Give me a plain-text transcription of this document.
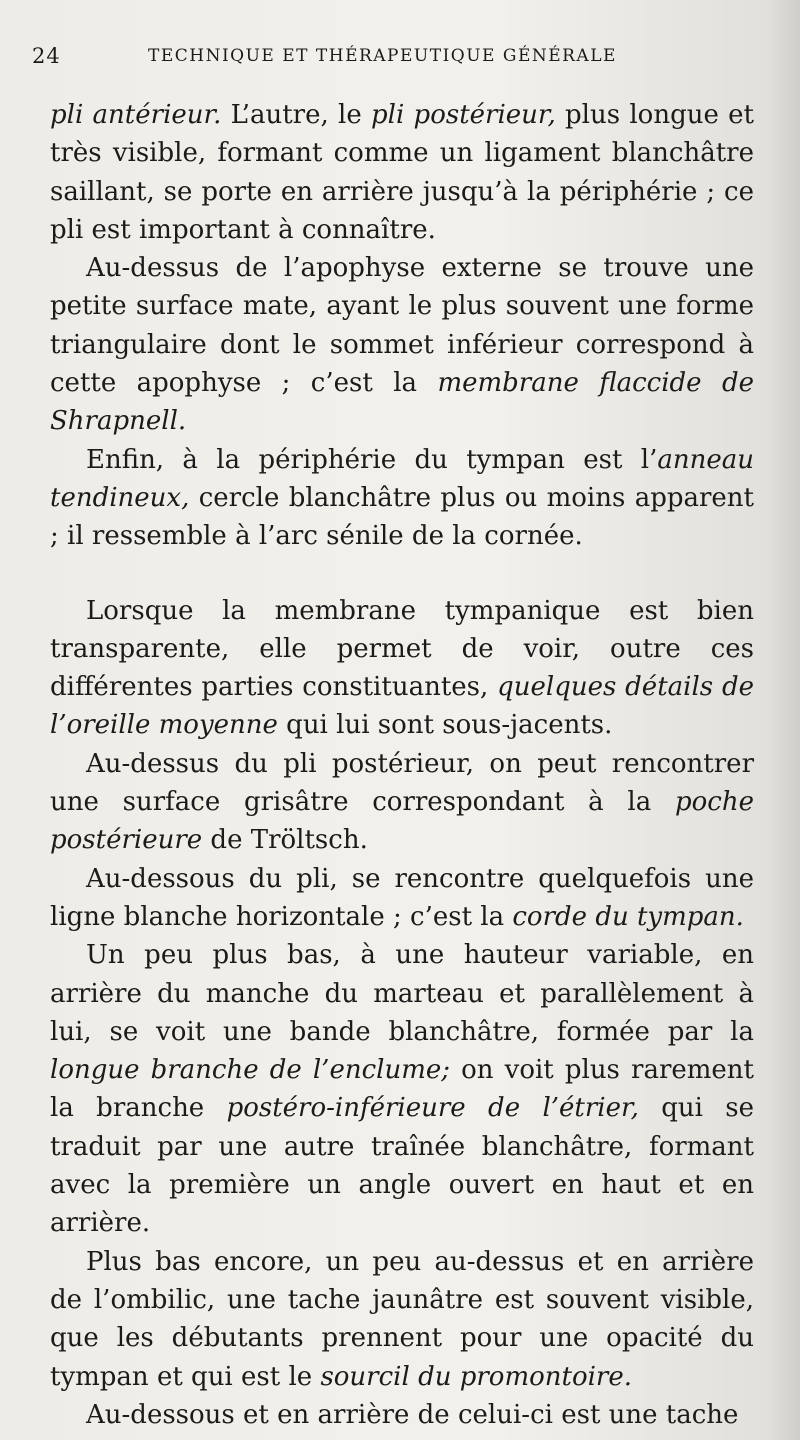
24	TECHNIQUE ET THÉRAPEUTIQUE GÉNÉRALE

pli antérieur. L’autre, le pli postérieur, plus longue et très visible, formant comme un ligament blanchâtre saillant, se porte en arrière jusqu’à la périphérie ; ce pli est important à connaître.

Au-dessus de l’apophyse externe se trouve une petite surface mate, ayant le plus souvent une forme triangulaire dont le sommet inférieur correspond à cette apophyse ; c’est la membrane flaccide de Shrapnell.

Enfin, à la périphérie du tympan est l’anneau tendineux, cercle blanchâtre plus ou moins apparent ; il ressemble à l’arc sénile de la cornée.

Lorsque la membrane tympanique est bien transparente, elle permet de voir, outre ces différentes parties constituantes, quelques détails de l’oreille moyenne qui lui sont sous-jacents.

Au-dessus du pli postérieur, on peut rencontrer une surface grisâtre correspondant à la poche postérieure de Tröltsch.

Au-dessous du pli, se rencontre quelquefois une ligne blanche horizontale ; c’est la corde du tympan.

Un peu plus bas, à une hauteur variable, en arrière du manche du marteau et parallèlement à lui, se voit une bande blanchâtre, formée par la longue branche de l’enclume; on voit plus rarement la branche postéro-inférieure de l’étrier, qui se traduit par une autre traînée blanchâtre, formant avec la première un angle ouvert en haut et en arrière.

Plus bas encore, un peu au-dessus et en arrière de l’ombilic, une tache jaunâtre est souvent visible, que les débutants prennent pour une opacité du tympan et qui est le sourcil du promontoire.

Au-dessous et en arrière de celui-ci est une tache
